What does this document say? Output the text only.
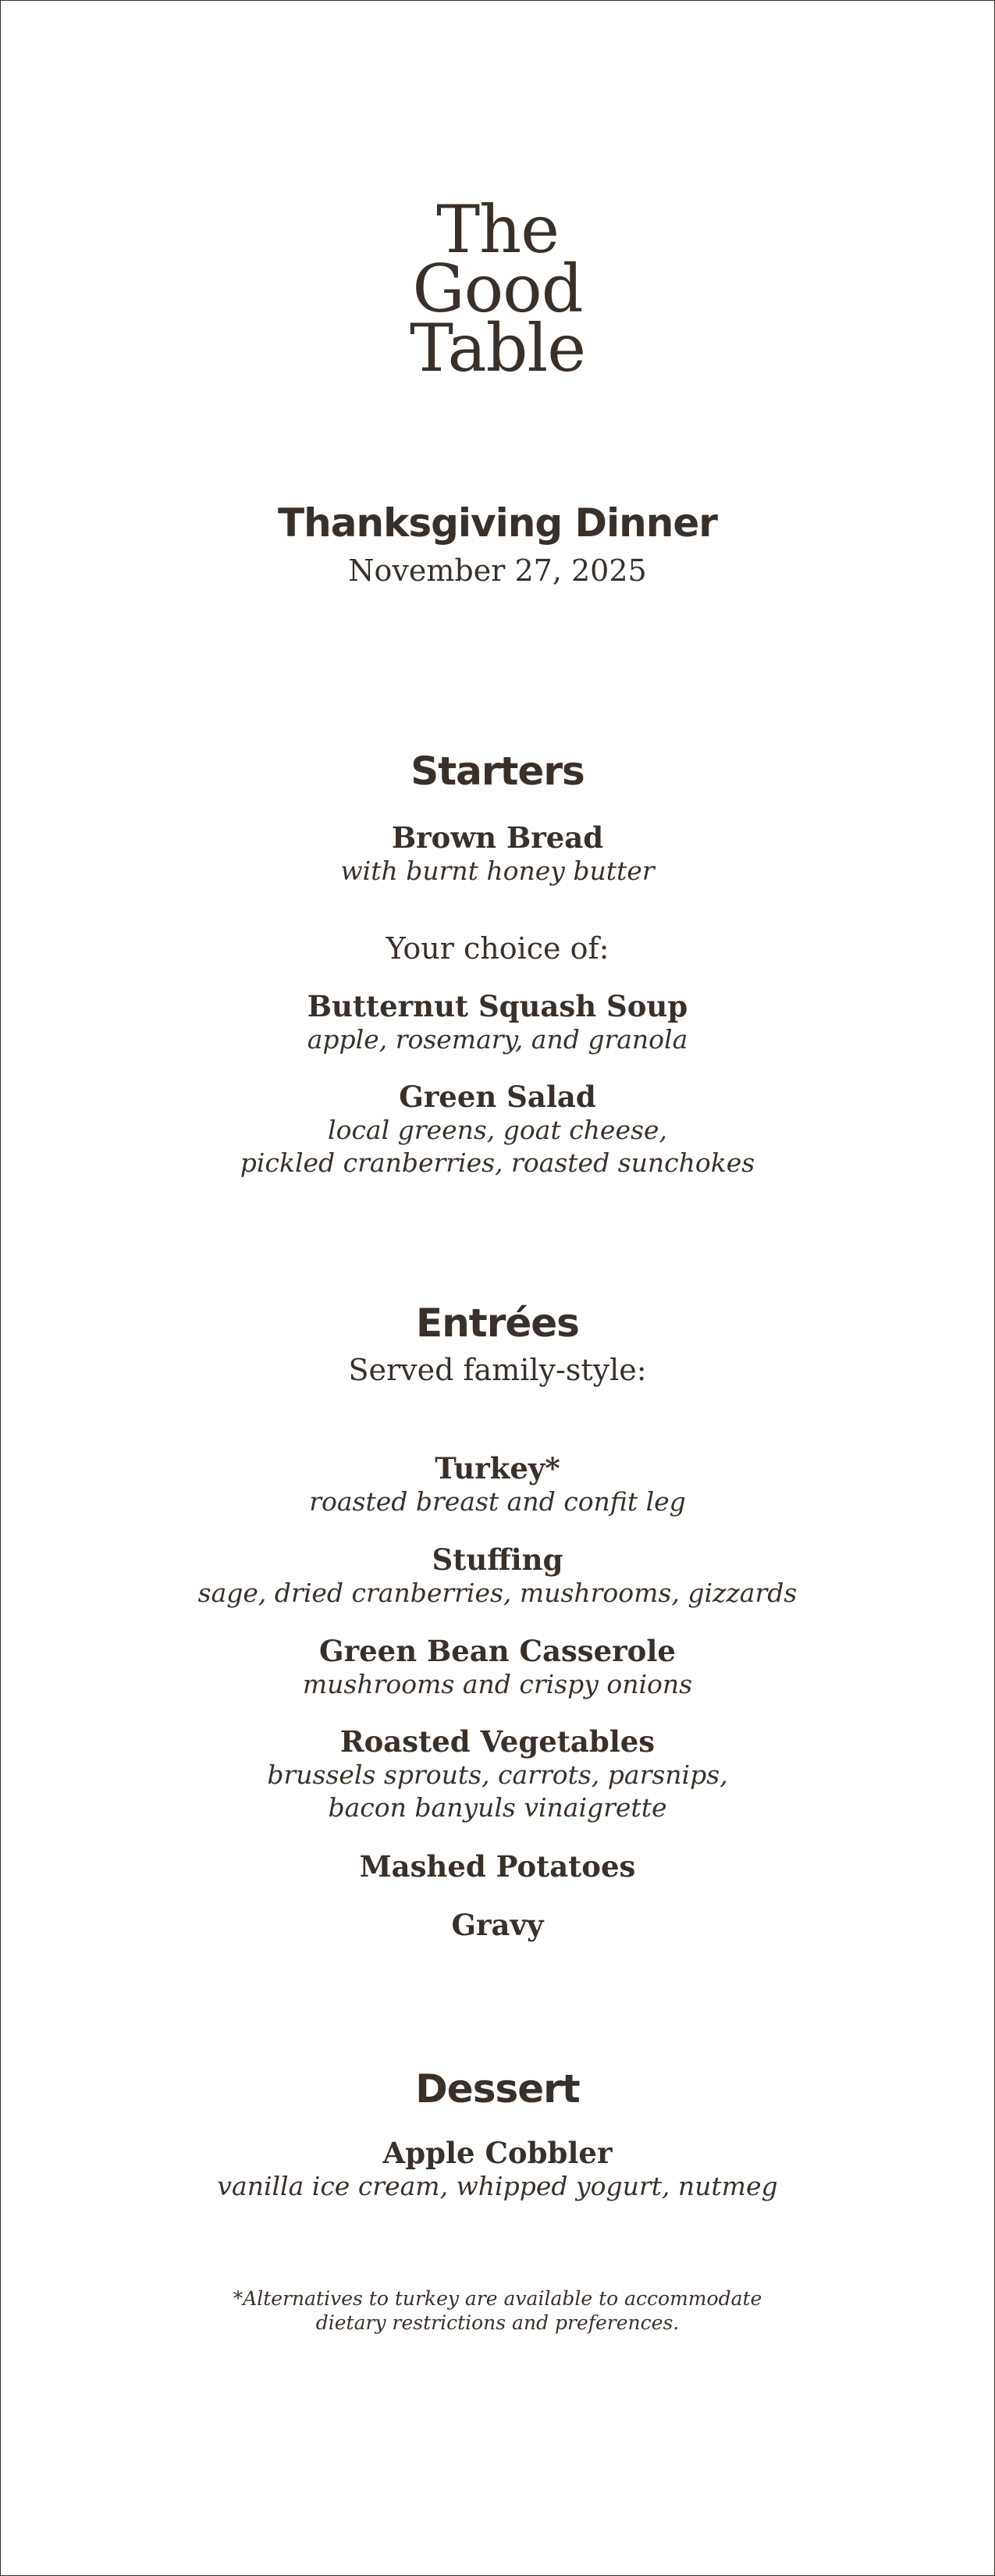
The
Good
Table
Thanksgiving Dinner
November 27, 2025
Starters
Brown Bread
with burnt honey butter
Your choice of:
Butternut Squash Soup
apple, rosemary, and granola
Green Salad
local greens, goat cheese,
pickled cranberries, roasted sunchokes
Entrées
Served family-style:
Turkey*
roasted breast and confit leg
Stuffing
sage, dried cranberries, mushrooms, gizzards
Green Bean Casserole
mushrooms and crispy onions
Roasted Vegetables
brussels sprouts, carrots, parsnips,
bacon banyuls vinaigrette
Mashed Potatoes
Gravy
Dessert
Apple Cobbler
vanilla ice cream, whipped yogurt, nutmeg
*Alternatives to turkey are available to accommodate
dietary restrictions and preferences.
